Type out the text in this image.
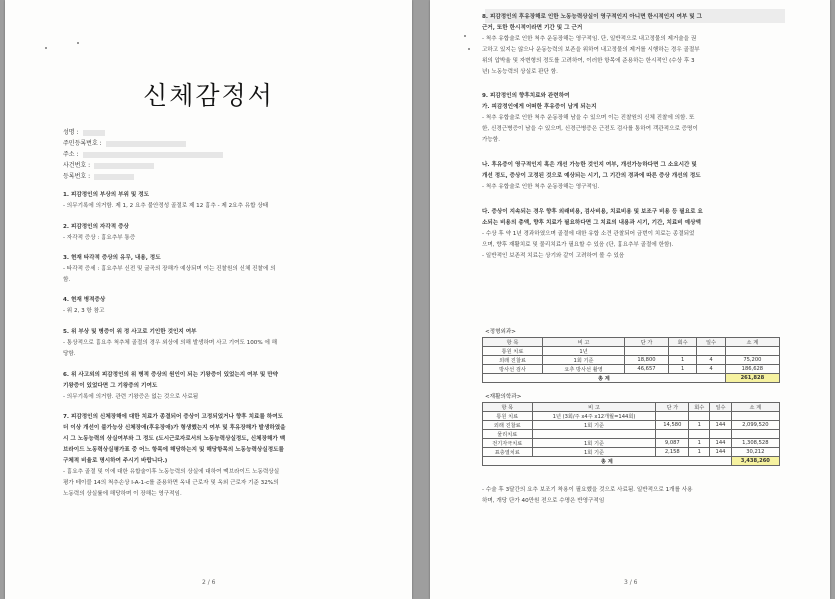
신체감정서
성명 :
주민등록번호 :
주소 :
사건번호 :
등록번호 :
1. 피감정인의 부상의 부위 및 정도
- 의무기록에 의거함. 제 1, 2 요추 불안정성 골절로 제 12 흉추 - 제 2요추 유합 상태
2. 피감정인의 자각적 증상
- 자각적 증상 : 흉요추부 통증
3. 현재 타각적 증상의 유무, 내용, 정도
- 타각적 증세 : 흉요추부 신전 및 굴곡의 장해가 예상되며 이는 진찰원의 신체 진찰에 의
함.
4. 현재 병적증상
- 위 2, 3 항 참고
5. 위 부상 및 병증이 위 정 사고로 기인한 것인지 여부
- 통상적으로 흉요추 척추체 골절의 경우 외상에 의해 발생하며 사고 기여도 100% 에 해
당함.
6. 위 사고외의 피감정인의 위 병적 증상의 원인이 되는 기왕증이 있었는지 여부 및 만약
기왕증이 있었다면 그 기왕증의 기여도
- 의무기록에 의거함. 관련 기왕증은 없는 것으로 사료됨
7. 피감정인의 신체장해에 대한 치료가 종결되어 증상이 고정되었거나 향후 치료를 하여도
더 이상 개선이 불가능상 신체장애(후유장애)가 형생했는지 여부 및 후유장해가 발생하였을
시 그 노동능력의 상실여부와 그 정도 (도시근로자로서의 노동능력상실정도, 신체장해가 맥
브라이드 노동력상실평가표 중 어느 항목에 해당하는지 및 해당항목의 노동능력상실정도를
구체적 비율로 명시하여 주시기 바랍니다.)
- 흉요추 골절 및 이에 대한 유합술이후 노동능력의 상실에 대하여 맥브라이드 노동력상실
평가 테이블 14의 척추손상 Ⅰ-A-1-c를 준용하면 옥내 근로자 및 옥외 근로자 기준 32%의
노동력의 상실률에 해당하며 이 장해는 영구적임.
2 / 6
8. 피감정인의 후유장해로 인한 노동능력상실이 영구적인지 아니면 한시적인지 여부 및 그
근거, 또한 한시적이라면 기간 및 그 근거
- 척추 유합술로 인한 척추 운동장해는 영구적임. 단, 일반적으로 내고정물의 제거술을 권
고하고 있지는 않으나 운동능력의 보존을 위하여 내고정물의 제거를 시행하는 경우 골절부
위의 압박율 및 자변형의 정도를 고려하여, 이러한 항목에 준용하는 한시적인 (수상 후 3
년) 노동능력의 상실로 판단 함.
9. 피감정인의 향후치료와 관련하여
가. 피감정인에게 어떠한 후유증이 남게 되는지
- 척추 유합술로 인한 척추 운동장해 남을 수 있으며 이는 진찰원의 신체 진찰에 의함. 또
한, 신경근병증이 남을 수 있으며, 신경근병증은 근전도 검사를 통하여 객관적으로 증명이
가능함.
나. 후유증이 영구적인지 혹은 개선 가능한 것인지 여부, 개선가능하다면 그 소요시간 및
개선 정도, 증상이 고정된 것으로 예상되는 시기, 그 기간의 경과에 따른 증상 개선의 정도
- 척추 유합술로 인한 척추 운동장해는 영구적임.
다. 증상이 지속되는 경우 향후 외래비용, 검사비용, 치료비용 및 보조구 비용 등 필요로 요
소되는 비용의 총액, 향후 치료가 필요하다면 그 치료의 내용과 시기, 기간, 치료비 예상액
- 수상 후 약 1년 경과하였으며 골절에 대한 유합 소견 관찰되어 금번이 치료는 종결되었
으며, 향후 재활치료 및 물리치료가 필요할 수 있음 (단, 흉요추부 골절에 한함).
- 일반적인 보존적 치료는 상기와 같이 고려하여 볼 수 있음
<정형외과>
항 목	비 고	단 가	회수	일수	소 계
통원 치료	1년				
외래 진찰료	1회 기준	18,800	1	4	75,200
방사선 검사	요추 방사선 촬영	46,657	1	4	186,628
총 계					261,828
<재활의학과>
항 목	비 고	단 가	회수	일수	소 계
통원 치료	1년 (3회/주 x4주 x12개월=144회)				
외래 진찰료	1회 기준	14,580	1	144	2,099,520
물리치료					
전기자극치료	1회 기준	9,087	1	144	1,308,528
표층열치료	1회 기준	2,158	1	144	30,212
총 계					3,438,260
- 수술 후 3달간의 요추 보조기 착용이 필요했을 것으로 사료됨. 일반적으로 1개를 사용
하며, 개당 단가 40만원 전으로 수명은 반영구적임
3 / 6
